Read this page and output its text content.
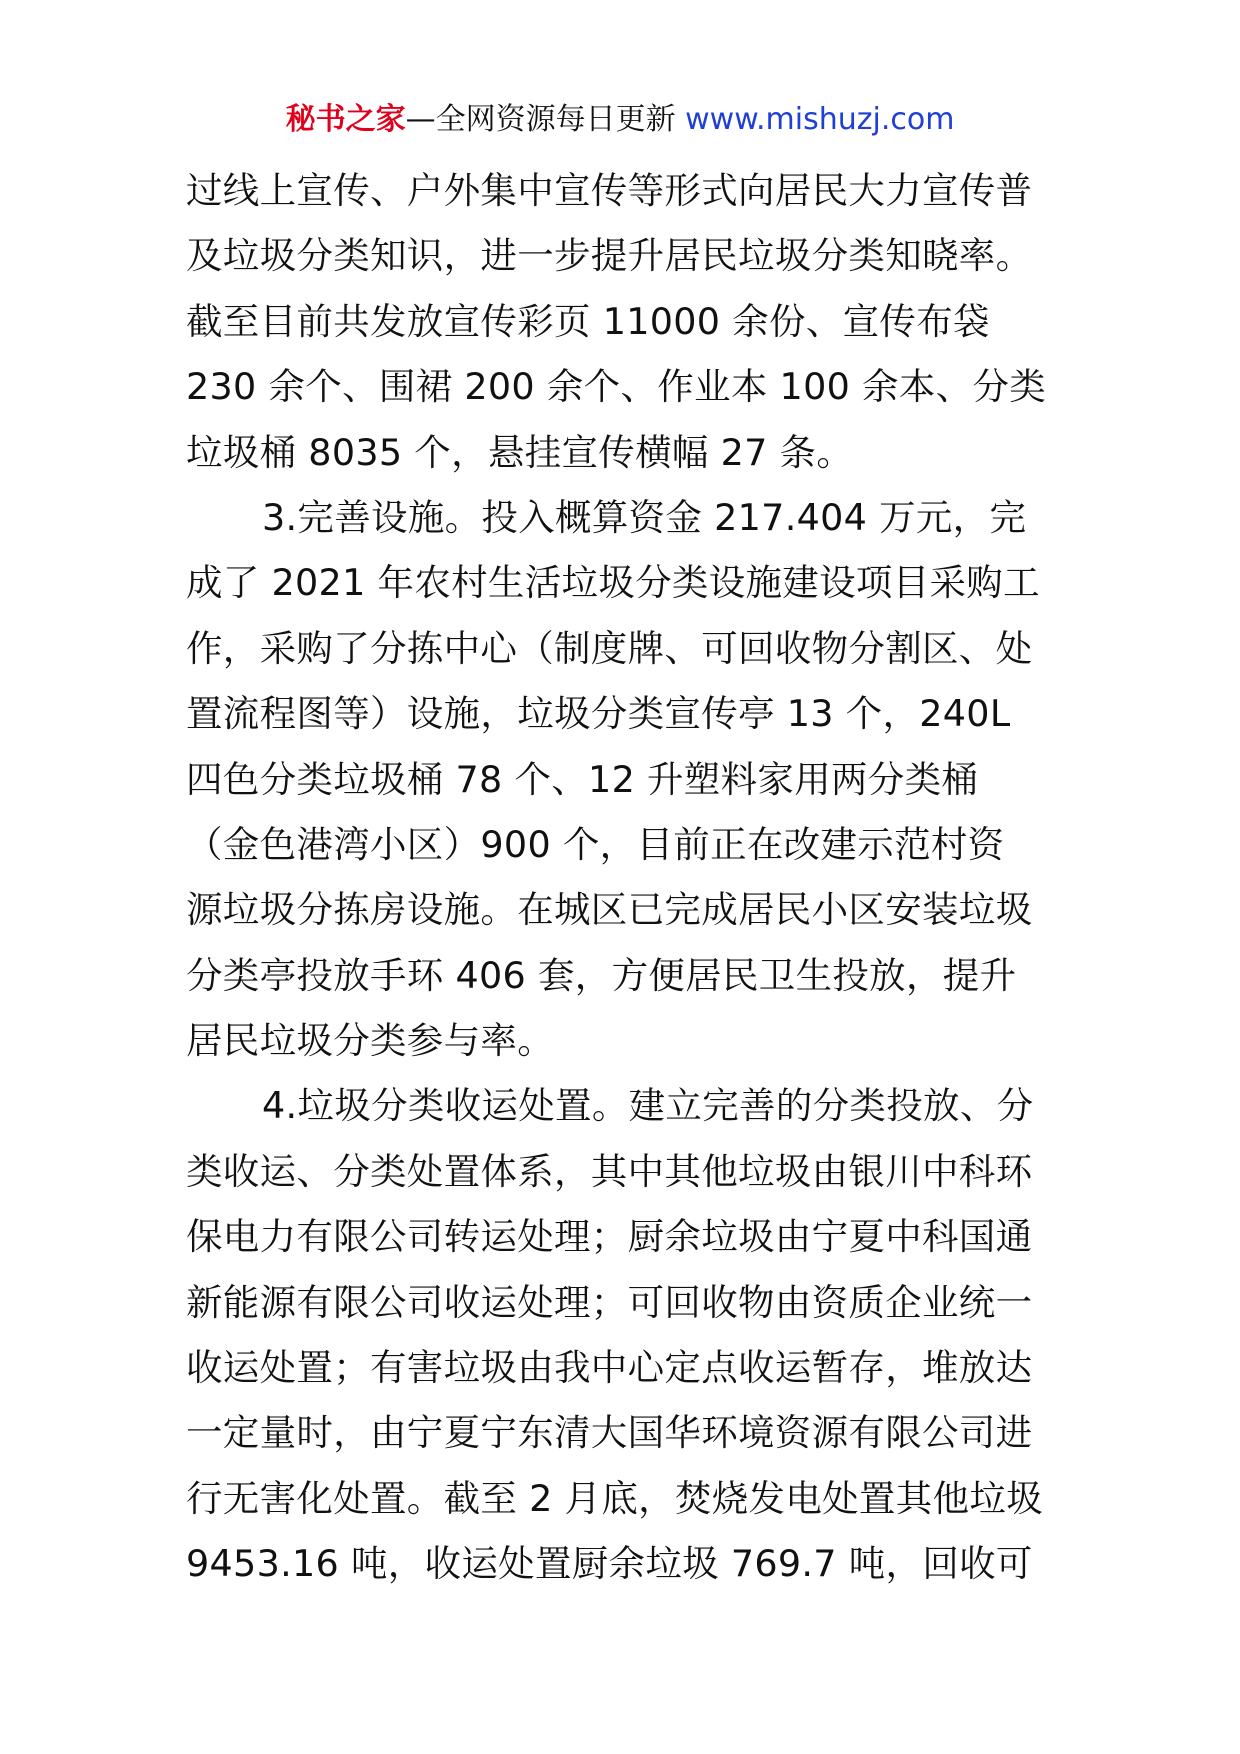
秘书之家—全网资源每日更新 www.mishuzj.com
过线上宣传、户外集中宣传等形式向居民大力宣传普
及垃圾分类知识，进一步提升居民垃圾分类知晓率。
截至目前共发放宣传彩页 11000 余份、宣传布袋
230 余个、围裙 200 余个、作业本 100 余本、分类
垃圾桶 8035 个，悬挂宣传横幅 27 条。
3.完善设施。投入概算资金 217.404 万元，完
成了 2021 年农村生活垃圾分类设施建设项目采购工
作，采购了分拣中心（制度牌、可回收物分割区、处
置流程图等）设施，垃圾分类宣传亭 13 个，240L
四色分类垃圾桶 78 个、12 升塑料家用两分类桶
（金色港湾小区）900 个，目前正在改建示范村资
源垃圾分拣房设施。在城区已完成居民小区安装垃圾
分类亭投放手环 406 套，方便居民卫生投放，提升
居民垃圾分类参与率。
4.垃圾分类收运处置。建立完善的分类投放、分
类收运、分类处置体系，其中其他垃圾由银川中科环
保电力有限公司转运处理；厨余垃圾由宁夏中科国通
新能源有限公司收运处理；可回收物由资质企业统一
收运处置；有害垃圾由我中心定点收运暂存，堆放达
一定量时，由宁夏宁东清大国华环境资源有限公司进
行无害化处置。截至 2 月底，焚烧发电处置其他垃圾
9453.16 吨，收运处置厨余垃圾 769.7 吨，回收可
